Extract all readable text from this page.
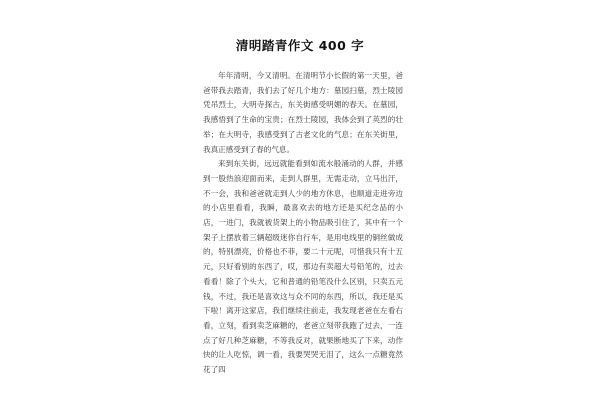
清明踏青作文 400 字

年年清明，今又清明。在清明节小长假的第一天里，爸爸带我去踏青，我们去了好几个地方：墓园扫墓，烈士陵园凭吊烈士，大明寺探古，东关街感受明媚的春天。在墓园，我感悟到了生命的宝贵；在烈士陵园，我体会到了英烈的壮举；在大明寺，我感受到了古老文化的气息；在东关街里，我真正感受到了春的气息。

来到东关街，远远就能看到如流水般涌动的人群，并感到一股热浪迎面而来，走到人群里，无需走动，立马出汗，不一会，我和爸爸就走到人少的地方休息，也顺道走进旁边的小店里看看，我瞬，最喜欢去的地方还是买纪念品的小店，一进门，我就被货架上的小物品吸引住了，其中有一个架子上摆放着三辆超级迷你自行车，是用电线里的铜丝做成的，特别漂亮，价格也不菲，要二十元呢，可惜我只有十五元，只好看别的东西了，哎，那边有卖超大号铅笔的，过去看看！除了个头大，它和普通的铅笔没什么区别，只卖五元钱，不过，我还是喜欢这与众不同的东西，所以，我还是买下啦！离开这家店，我们继续往前走，我发现老爸在左看右看，立刻，看到卖芝麻糖的，老爸立刻带我跑了过去，一连点了好几种芝麻糖，不等我反对，就果断地买了下来，动作快的让人吃惊，调一看，我要哭哭无泪了，这么一点糖竟然花了四
